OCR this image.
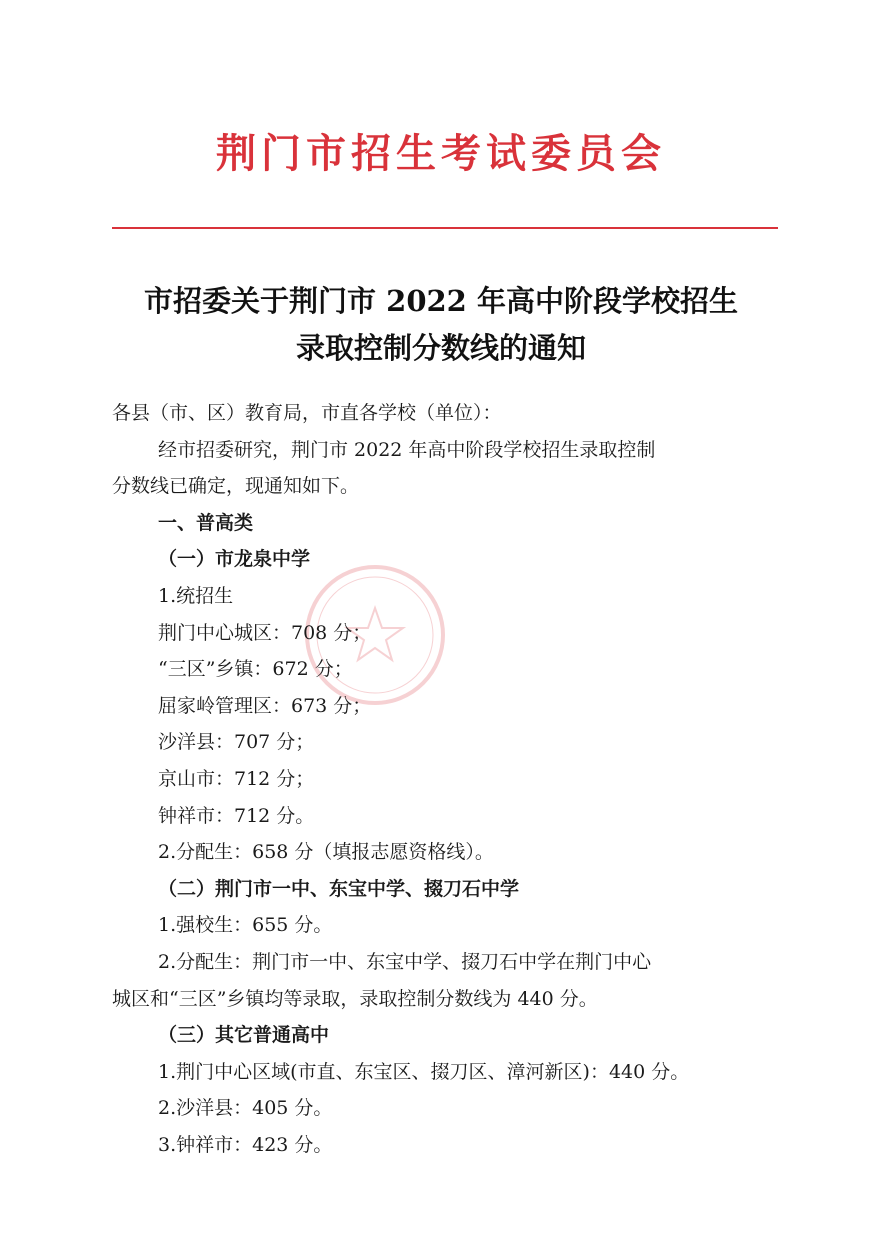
荆门市招生考试委员会
市招委关于荆门市 2022 年高中阶段学校招生
录取控制分数线的通知
各县（市、区）教育局，市直各学校（单位）：
经市招委研究，荆门市 2022 年高中阶段学校招生录取控制
分数线已确定，现通知如下。
一、普高类
（一）市龙泉中学
1.统招生
荆门中心城区：708 分；
“三区”乡镇：672 分；
屈家岭管理区：673 分；
沙洋县：707 分；
京山市：712 分；
钟祥市：712 分。
2.分配生：658 分（填报志愿资格线）。
（二）荆门市一中、东宝中学、掇刀石中学
1.强校生：655 分。
2.分配生：荆门市一中、东宝中学、掇刀石中学在荆门中心
城区和“三区”乡镇均等录取，录取控制分数线为 440 分。
（三）其它普通高中
1.荆门中心区域(市直、东宝区、掇刀区、漳河新区)：440 分。
2.沙洋县：405 分。
3.钟祥市：423 分。
